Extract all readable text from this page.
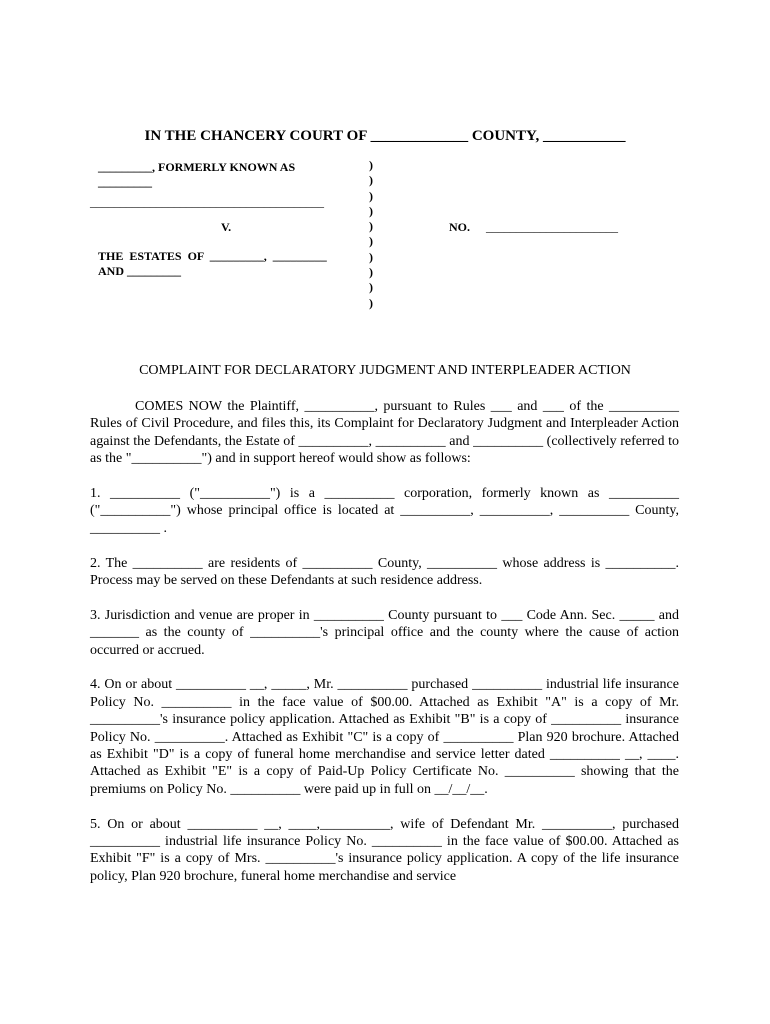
IN THE CHANCERY COURT OF _____________ COUNTY, ___________
_________, FORMERLY KNOWN AS
_________
_______________________________________
V.	NO. ______________________
THE  ESTATES  OF  _________,  _________
AND _________
)
)
)
)
)
)
)
)
)
)
COMPLAINT FOR DECLARATORY JUDGMENT AND INTERPLEADER ACTION

COMES NOW the Plaintiff, __________, pursuant to Rules ___ and ___ of the __________ Rules of Civil Procedure, and files this, its Complaint for Declaratory Judgment and Interpleader Action against the Defendants, the Estate of __________, __________ and __________ (collectively referred to as the "__________") and in support hereof would show as follows:

1. __________ ("__________") is a __________ corporation, formerly known as __________ ("__________") whose principal office is located at __________, __________, __________ County, __________ .

2. The __________ are residents of __________ County, __________ whose address is __________. Process may be served on these Defendants at such residence address.

3. Jurisdiction and venue are proper in __________ County pursuant to ___ Code Ann. Sec. _____ and _______ as the county of __________'s principal office and the county where the cause of action occurred or accrued.

4. On or about __________ __, _____, Mr. __________ purchased __________ industrial life insurance Policy No. __________ in the face value of $00.00. Attached as Exhibit "A" is a copy of Mr. __________'s insurance policy application. Attached as Exhibit "B" is a copy of __________ insurance Policy No. __________. Attached as Exhibit "C" is a copy of __________ Plan 920 brochure. Attached as Exhibit "D" is a copy of funeral home merchandise and service letter dated __________ __, ____. Attached as Exhibit "E" is a copy of Paid-Up Policy Certificate No. __________ showing that the premiums on Policy No. __________ were paid up in full on __/__/__.

5. On or about __________ __, ____,__________, wife of Defendant Mr. __________, purchased __________ industrial life insurance Policy No. __________ in the face value of $00.00. Attached as Exhibit "F" is a copy of Mrs. __________'s insurance policy application. A copy of the life insurance policy, Plan 920 brochure, funeral home merchandise and service
